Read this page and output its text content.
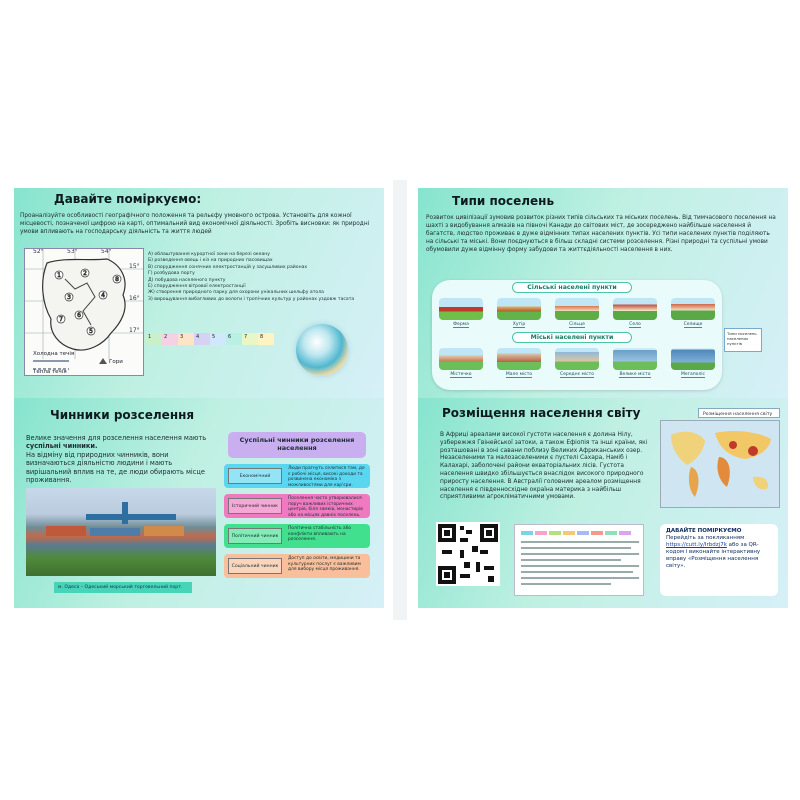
Давайте поміркуємо:
Проаналізуйте особливості географічного положення та рельєфу умовного острова. Установіть для кожної місцевості, позначеної цифрою на карті, оптимальний вид економічної діяльності. Зробіть висновки: як природні умови впливають на господарську діяльність та життя людей
1	2
3	4
5
6
7
8
52°	53°	54°
15°
16°
17°
Холодна течія
Тепла течія
Гори
А) облаштування курортної зони на березі океану
Б) розведення овець і кіз на природних пасовищах
В) спорудження сонячних електростанцій у засушливих районах
Г) розбудова порту
Д) побудова населеного пункту
Е) спорудження вітрової електростанції
Ж) створення природного парку для охорони унікальних шельфу атола
З) вирощування вибагливих до вологи і тропічних культур у районах уздовж тасата
1	2	3	4	5	6	7	8
Типи поселень
Розвиток цивілізації зумовив розвиток різних типів сільських та міських поселень. Від тимчасового поселення на шахті з видобування алмазів на півночі Канади до світових міст, де зосереджено найбільше населення й багатств, людство проживає в дуже відмінних типах населених пунктів. Усі типи населених пунктів поділяють на сільські та міські. Вони поєднуються в більш складні системи розселення. Різні природні та суспільні умови обумовили дуже відмінну форму забудови та життєдіяльності населення в них.
Сільські населені пункти
Ферма	Хутір	Сільце	Село	Селище
Міські населені пункти
Містечко	Мале місто	Середнє місто	Велике місто	Мегаполіс
Типи поселень населених пунктів
Чинники розселення
Велике значення для розселення населення мають суспільні чинники.
На відміну від природних чинників, вони визначаються діяльністю людини і мають вирішальний вплив на те, де люди обирають місце проживання.
м. Одеса – Одеський морський торговельний порт.
Суспільні чинники розселення населення
Економічний
Люди прагнуть селитися там, де є робочі місця, високі доходи та розвинена економіка з можливостями для кар'єри.
Історичний чинник
Поселення часто утворювалися поруч важливих історичних центрів, біля замків, монастирів або на місцях давніх поселень.
Політичний чинник
Політична стабільність або конфлікти впливають на розселення.
Соціальний чинник
Доступ до освіти, медицини та культурних послуг є важливим для вибору місця проживання.
Розміщення населення світу
В Африці ареалами високої густоти населення є долина Нілу, узбережжя Гвінейської затоки, а також Ефіопія та інші країни, які розташовані в зоні савани поблизу Великих Африканських озер. Незаселеними та малозаселеними є пустелі Сахара, Наміб і Калахарі, заболочені райони екваторіальних лісів. Густота населення швидко збільшується внаслідок високого природного приросту населення. В Австралії головним ареалом розміщення населення є південносхідне окраїна материка з найбільш сприятливими агрокліматичними умовами.
Розміщення населення світу
ДАВАЙТЕ ПОМІРКУЄМО
Перейдіть за покликанням
https://cutt.ly/Irbdzj7k або за QR-кодом і виконайте інтерактивну вправу «Розміщення населення світу».
